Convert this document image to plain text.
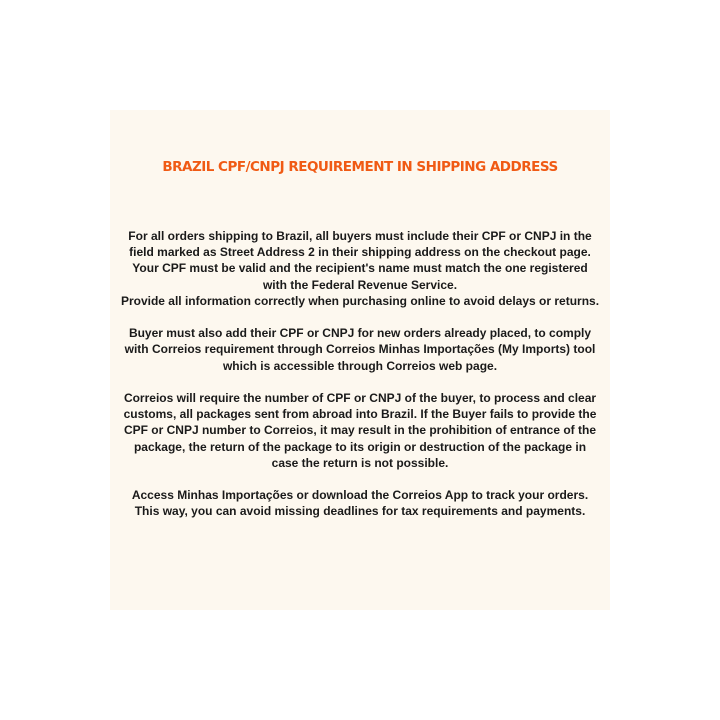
BRAZIL CPF/CNPJ REQUIREMENT IN SHIPPING ADDRESS

For all orders shipping to Brazil, all buyers must include their CPF or CNPJ in the field marked as Street Address 2 in their shipping address on the checkout page. Your CPF must be valid and the recipient's name must match the one registered with the Federal Revenue Service.
Provide all information correctly when purchasing online to avoid delays or returns.

Buyer must also add their CPF or CNPJ for new orders already placed, to comply with Correios requirement through Correios Minhas Importações (My Imports) tool which is accessible through Correios web page.

Correios will require the number of CPF or CNPJ of the buyer, to process and clear customs, all packages sent from abroad into Brazil. If the Buyer fails to provide the CPF or CNPJ number to Correios, it may result in the prohibition of entrance of the package, the return of the package to its origin or destruction of the package in case the return is not possible.

Access Minhas Importações or download the Correios App to track your orders. This way, you can avoid missing deadlines for tax requirements and payments.
